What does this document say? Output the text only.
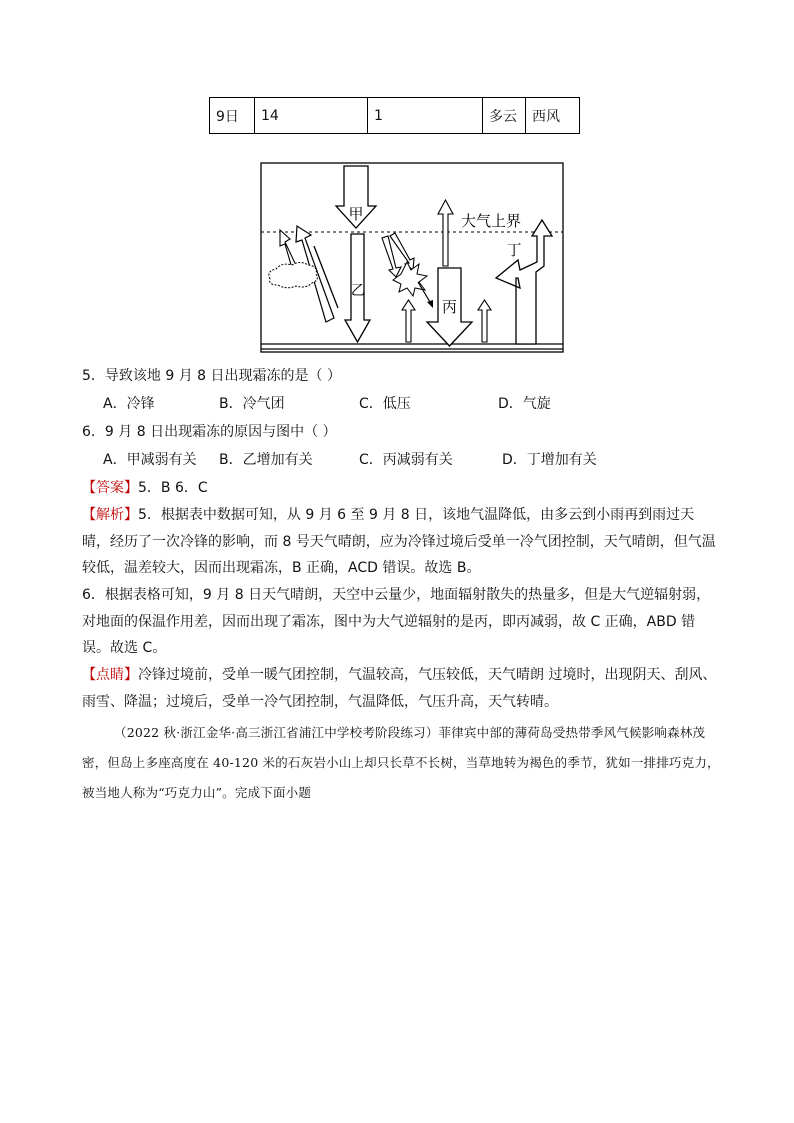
9日	14	1	多云	西风
甲
乙
丙
大气上界
丁
5．导致该地 9 月 8 日出现霜冻的是（ ）
A．冷锋	B．冷气团	C．低压	D．气旋
6．9 月 8 日出现霜冻的原因与图中（ ）
A．甲减弱有关 B．乙增加有关	C．丙减弱有关	D．丁增加有关
【答案】5．B 6．C
【解析】5．根据表中数据可知，从 9 月 6 至 9 月 8 日，该地气温降低，由多云到小雨再到雨过天晴，经历了一次冷锋的影响，而 8 号天气晴朗，应为冷锋过境后受单一冷气团控制，天气晴朗，但气温较低，温差较大，因而出现霜冻，B 正确，ACD 错误。故选 B。
6．根据表格可知，9 月 8 日天气晴朗，天空中云量少，地面辐射散失的热量多，但是大气逆辐射弱，对地面的保温作用差，因而出现了霜冻，图中为大气逆辐射的是丙，即丙减弱，故 C 正确，ABD 错误。故选 C。
【点睛】冷锋过境前，受单一暖气团控制，气温较高，气压较低，天气晴朗 过境时，出现阴天、刮风、雨雪、降温；过境后，受单一冷气团控制，气温降低，气压升高，天气转晴。
（2022 秋·浙江金华·高三浙江省浦江中学校考阶段练习）菲律宾中部的薄荷岛受热带季风气候影响森林茂密，但岛上多座高度在 40-120 米的石灰岩小山上却只长草不长树，当草地转为褐色的季节，犹如一排排巧克力，被当地人称为“巧克力山”。完成下面小题
